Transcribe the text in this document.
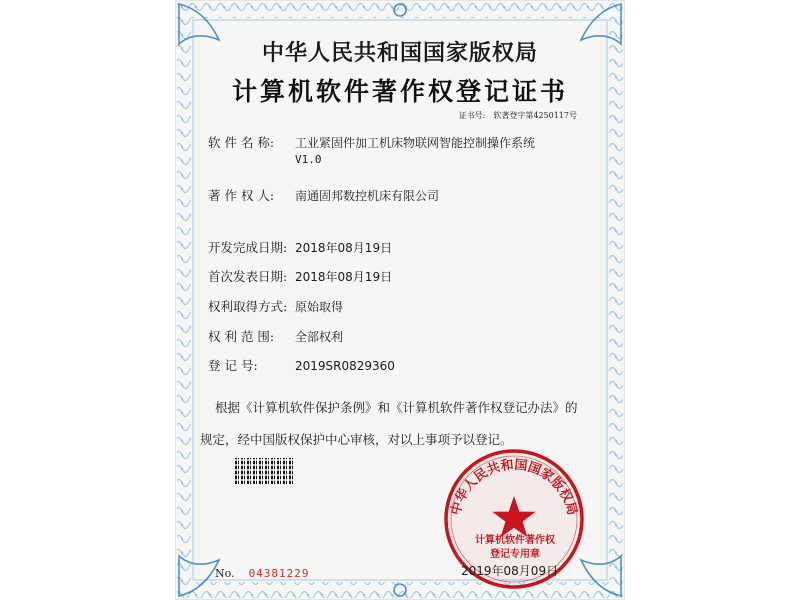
中华人民共和国国家版权局
计算机软件著作权登记证书
证书号: 软著登字第4250117号
软 件 名 称: 工业紧固件加工机床物联网智能控制操作系统
V1.0
著 作 权 人: 南通固邦数控机床有限公司
开发完成日期: 2018年08月19日
首次发表日期: 2018年08月19日
权利取得方式: 原始取得
权 利 范 围: 全部权利
登 记 号:	2019SR0829360
根据《计算机软件保护条例》和《计算机软件著作权登记办法》的
规定，经中国版权保护中心审核，对以上事项予以登记。
No. 04381229
中华人民共和国国家版权局
计算机软件著作权
登记专用章
2019年08月09日
